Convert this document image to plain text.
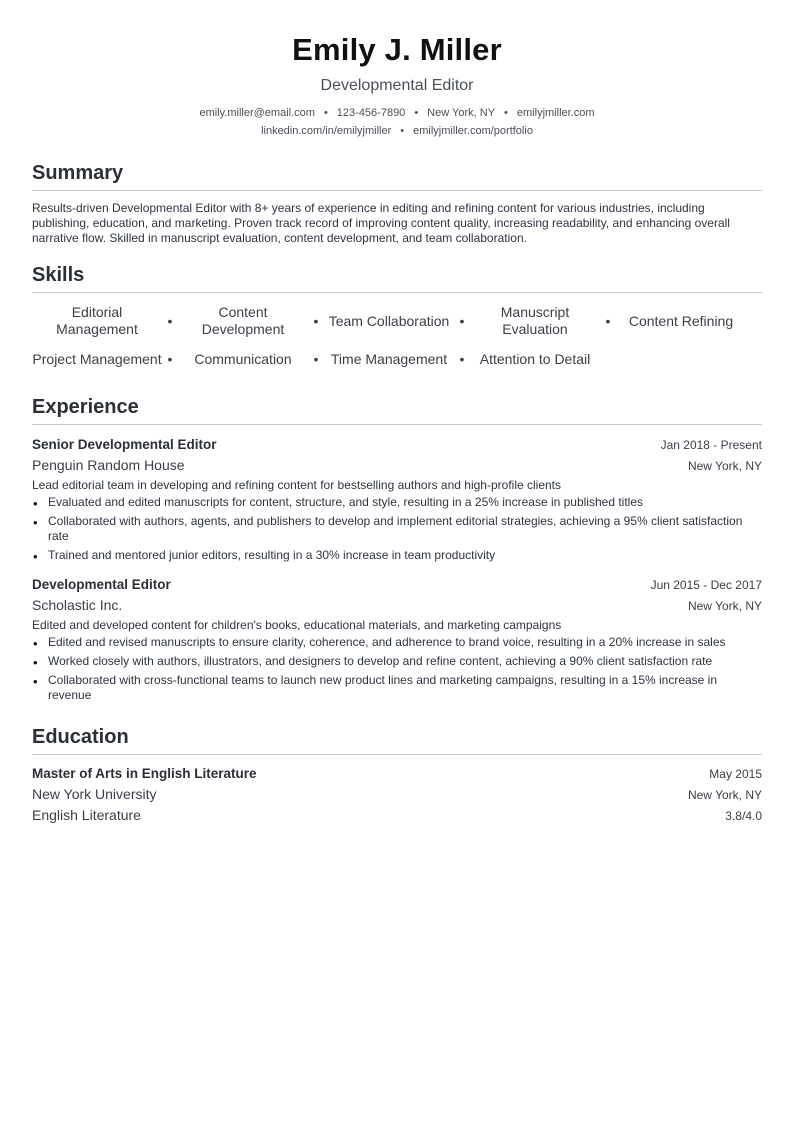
Emily J. Miller
Developmental Editor
emily.miller@email.com • 123-456-7890 • New York, NY • emilyjmiller.com
linkedin.com/in/emilyjmiller • emilyjmiller.com/portfolio
Summary
Results-driven Developmental Editor with 8+ years of experience in editing and refining content for various industries, including publishing, education, and marketing. Proven track record of improving content quality, increasing readability, and enhancing overall narrative flow. Skilled in manuscript evaluation, content development, and team collaboration.
Skills
Editorial Management	•
Content Development	• Team Collaboration •
Manuscript Evaluation	•	Content Refining
Project Management •	Communication	• Time Management •	Attention to Detail
Experience
Senior Developmental Editor	Jan 2018 - Present
Penguin Random House	New York, NY
Lead editorial team in developing and refining content for bestselling authors and high-profile clients
• Evaluated and edited manuscripts for content, structure, and style, resulting in a 25% increase in published titles
• Collaborated with authors, agents, and publishers to develop and implement editorial strategies, achieving a 95% client satisfaction rate
• Trained and mentored junior editors, resulting in a 30% increase in team productivity
Developmental Editor	Jun 2015 - Dec 2017
Scholastic Inc.	New York, NY
Edited and developed content for children's books, educational materials, and marketing campaigns
• Edited and revised manuscripts to ensure clarity, coherence, and adherence to brand voice, resulting in a 20% increase in sales
• Worked closely with authors, illustrators, and designers to develop and refine content, achieving a 90% client satisfaction rate
• Collaborated with cross-functional teams to launch new product lines and marketing campaigns, resulting in a 15% increase in revenue
Education
Master of Arts in English Literature	May 2015
New York University	New York, NY
English Literature	3.8/4.0
